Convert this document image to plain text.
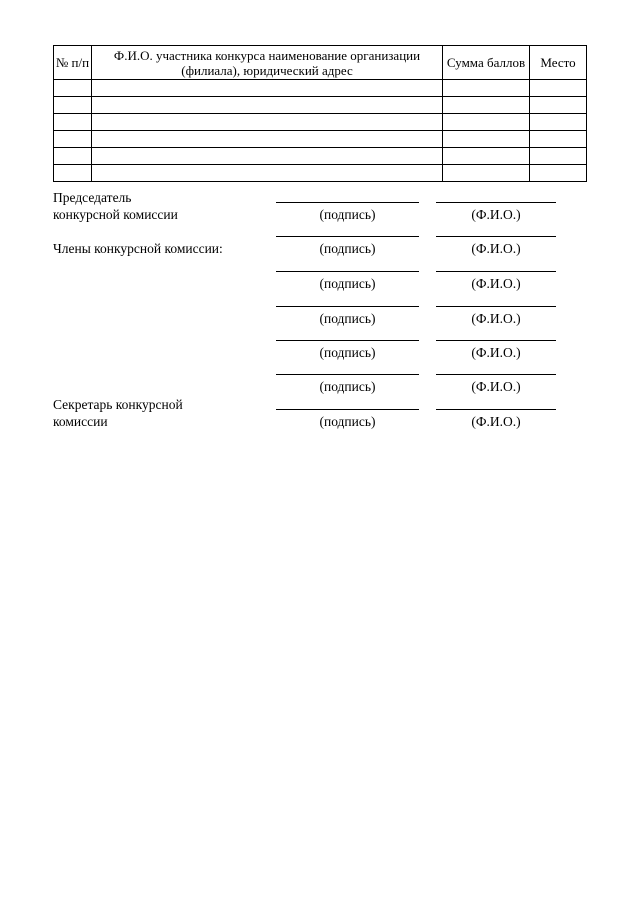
№ п/п	Ф.И.О. участника конкурса наименование организации (филиала), юридический адрес	Сумма баллов	Место

Председатель
конкурсной комиссии	(подпись)	(Ф.И.О.)
Члены конкурсной комиссии:	(подпись)	(Ф.И.О.)
(подпись)	(Ф.И.О.)
(подпись)	(Ф.И.О.)
(подпись)	(Ф.И.О.)
(подпись)	(Ф.И.О.)
Секретарь конкурсной
комиссии	(подпись)	(Ф.И.О.)
